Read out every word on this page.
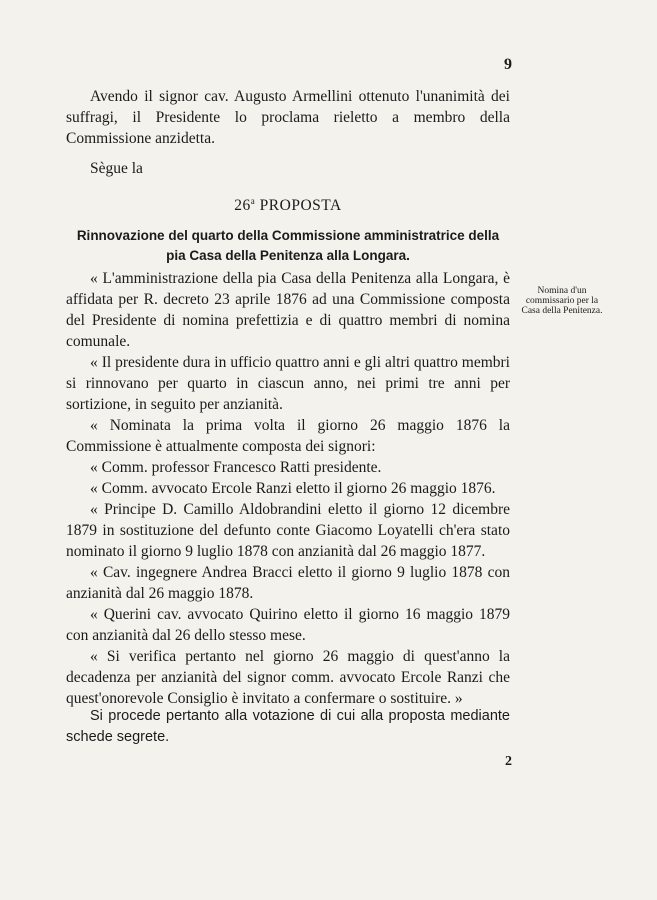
9
Avendo il signor cav. Augusto Armellini ottenuto l'unanimità dei suffragi, il Presidente lo proclama rieletto a membro della Commissione anzidetta.
Sègue la
26$^a$ PROPOSTA
Rinnovazione del quarto della Commissione amministratrice della pia Casa della Penitenza alla Longara.

« L'amministrazione della pia Casa della Penitenza alla Longara, è affidata per R. decreto 23 aprile 1876 ad una Commissione composta del Presidente di nomina prefettizia e di quattro membri di nomina comunale.

« Il presidente dura in ufficio quattro anni e gli altri quattro membri si rinnovano per quarto in ciascun anno, nei primi tre anni per sortizione, in seguito per anzianità.

« Nominata la prima volta il giorno 26 maggio 1876 la Commissione è attualmente composta dei signori:

« Comm. professor Francesco Ratti presidente.

« Comm. avvocato Ercole Ranzi eletto il giorno 26 maggio 1876.

« Principe D. Camillo Aldobrandini eletto il giorno 12 dicembre 1879 in sostituzione del defunto conte Giacomo Loyatelli ch'era stato nominato il giorno 9 luglio 1878 con anzianità dal 26 maggio 1877.

« Cav. ingegnere Andrea Bracci eletto il giorno 9 luglio 1878 con anzianità dal 26 maggio 1878.

« Querini cav. avvocato Quirino eletto il giorno 16 maggio 1879 con anzianità dal 26 dello stesso mese.

« Si verifica pertanto nel giorno 26 maggio di quest'anno la decadenza per anzianità del signor comm. avvocato Ercole Ranzi che quest'onorevole Consiglio è invitato a confermare o sostituire. »

Nomina d'un commissario per la Casa della Penitenza.
Si procede pertanto alla votazione di cui alla proposta mediante schede segrete.
2
